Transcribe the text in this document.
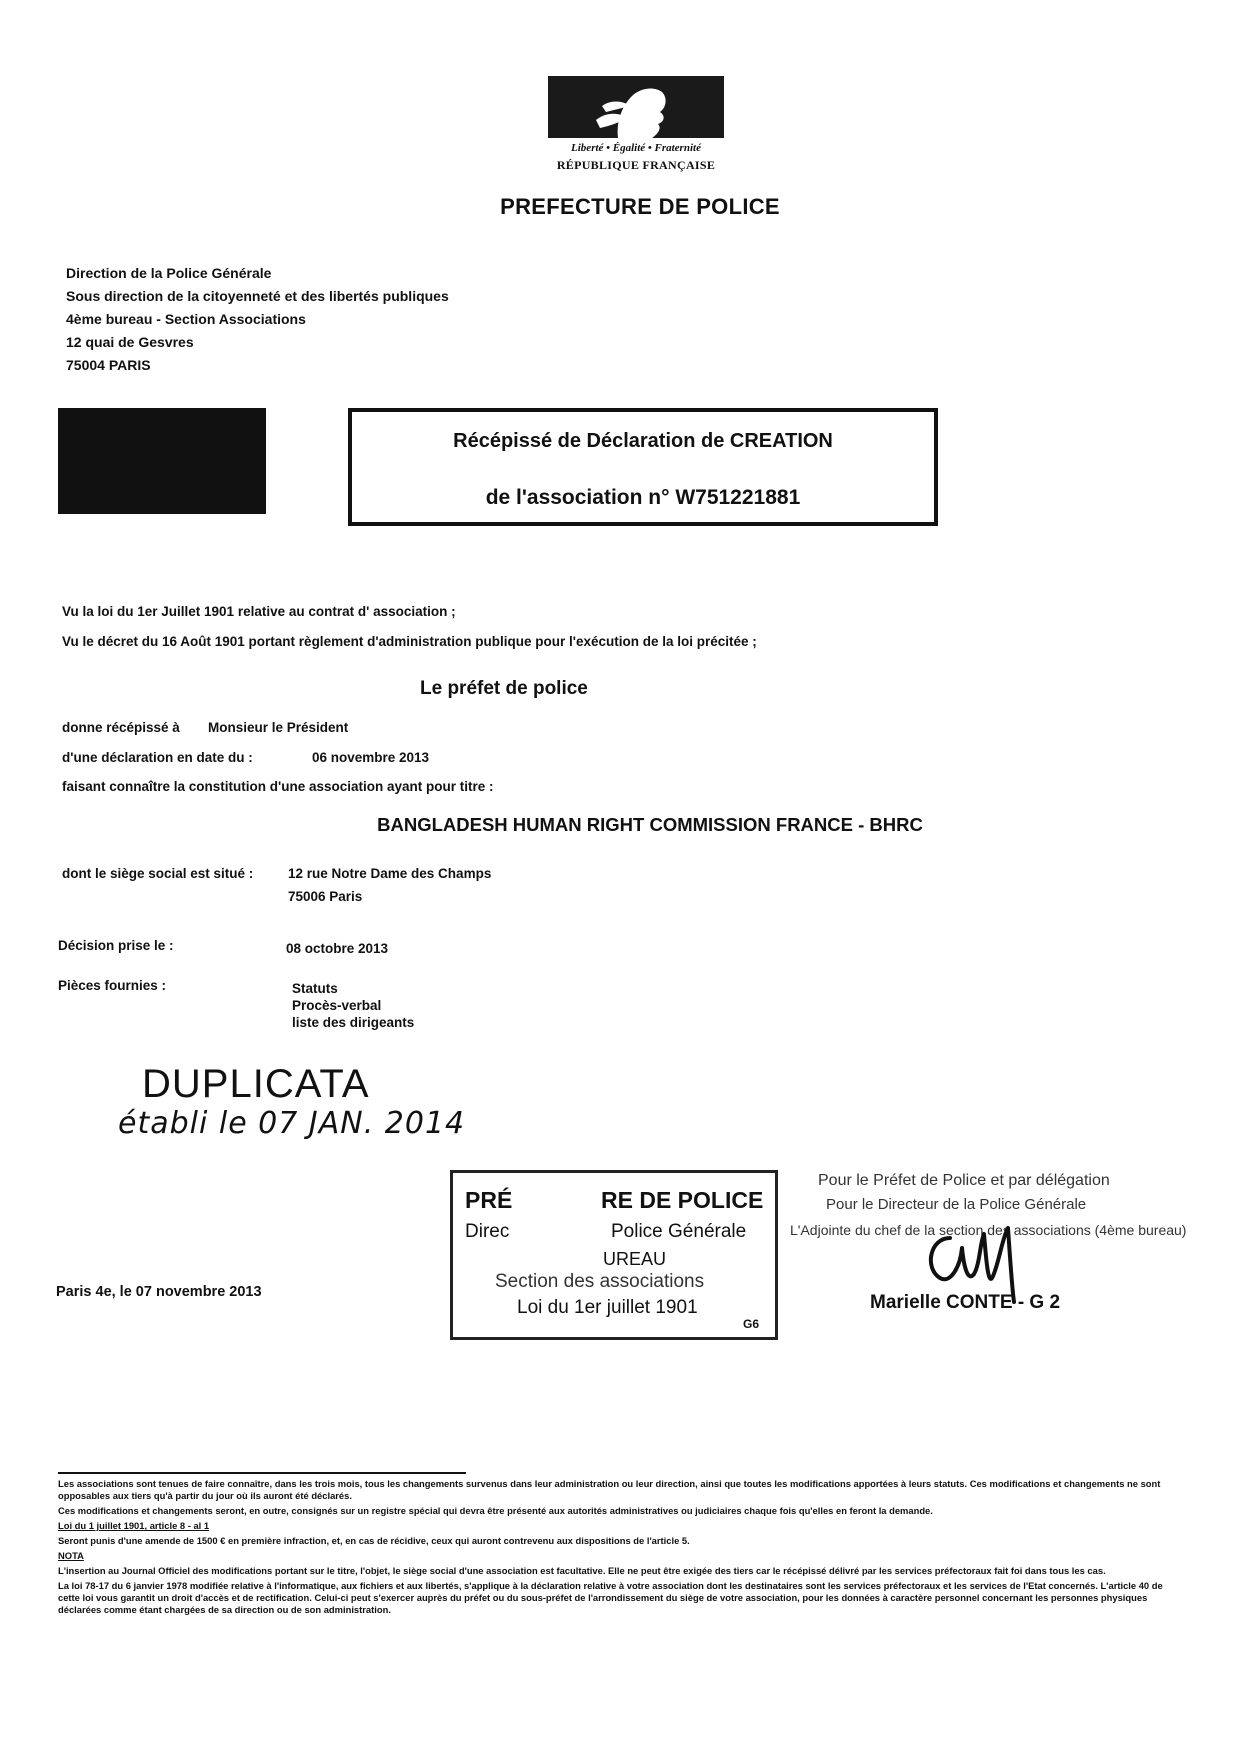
Liberté • Égalité • Fraternité
RÉPUBLIQUE FRANÇAISE
PREFECTURE DE POLICE
Direction de la Police Générale
Sous direction de la citoyenneté et des libertés publiques
4ème bureau - Section Associations
12 quai de Gesvres
75004 PARIS
Récépissé de Déclaration de CREATION
de l'association n° W751221881
Vu la loi du 1er Juillet 1901 relative au contrat d' association ;
Vu le décret du 16 Août 1901 portant règlement d'administration publique pour l'exécution de la loi précitée ;
Le préfet de police
donne récépissé à Monsieur le Président
d'une déclaration en date du :	06 novembre 2013
faisant connaître la constitution d'une association ayant pour titre :
BANGLADESH HUMAN RIGHT COMMISSION FRANCE - BHRC
dont le siège social est situé :	12 rue Notre Dame des Champs
75006 Paris
Décision prise le :	08 octobre 2013
Pièces fournies :	Statuts
Procès-verbal
liste des dirigeants
DUPLICATA
établi le 07 JAN. 2014
PRÉ	RE DE POLICE
Direc	Police Générale
UREAU
Section des associations
Loi du 1er juillet 1901
G6
Pour le Préfet de Police et par délégation
Pour le Directeur de la Police Générale
L'Adjointe du chef de la section des associations (4ème bureau)
Marielle CONTE - G 2
Paris 4e, le 07 novembre 2013

Les associations sont tenues de faire connaître, dans les trois mois, tous les changements survenus dans leur administration ou leur direction, ainsi que toutes les modifications apportées à leurs statuts. Ces modifications et changements ne sont opposables aux tiers qu'à partir du jour où ils auront été déclarés.

Ces modifications et changements seront, en outre, consignés sur un registre spécial qui devra être présenté aux autorités administratives ou judiciaires chaque fois qu'elles en feront la demande.

Loi du 1 juillet 1901, article 8 - al 1

Seront punis d'une amende de 1500 € en première infraction, et, en cas de récidive, ceux qui auront contrevenu aux dispositions de l'article 5.

NOTA

L'insertion au Journal Officiel des modifications portant sur le titre, l'objet, le siège social d'une association est facultative. Elle ne peut être exigée des tiers car le récépissé délivré par les services préfectoraux fait foi dans tous les cas.

La loi 78-17 du 6 janvier 1978 modifiée relative à l'informatique, aux fichiers et aux libertés, s'applique à la déclaration relative à votre association dont les destinataires sont les services préfectoraux et les services de l'Etat concernés. L'article 40 de cette loi vous garantit un droit d'accès et de rectification. Celui-ci peut s'exercer auprès du préfet ou du sous-préfet de l'arrondissement du siège de votre association, pour les données à caractère personnel concernant les personnes physiques déclarées comme étant chargées de sa direction ou de son administration.
